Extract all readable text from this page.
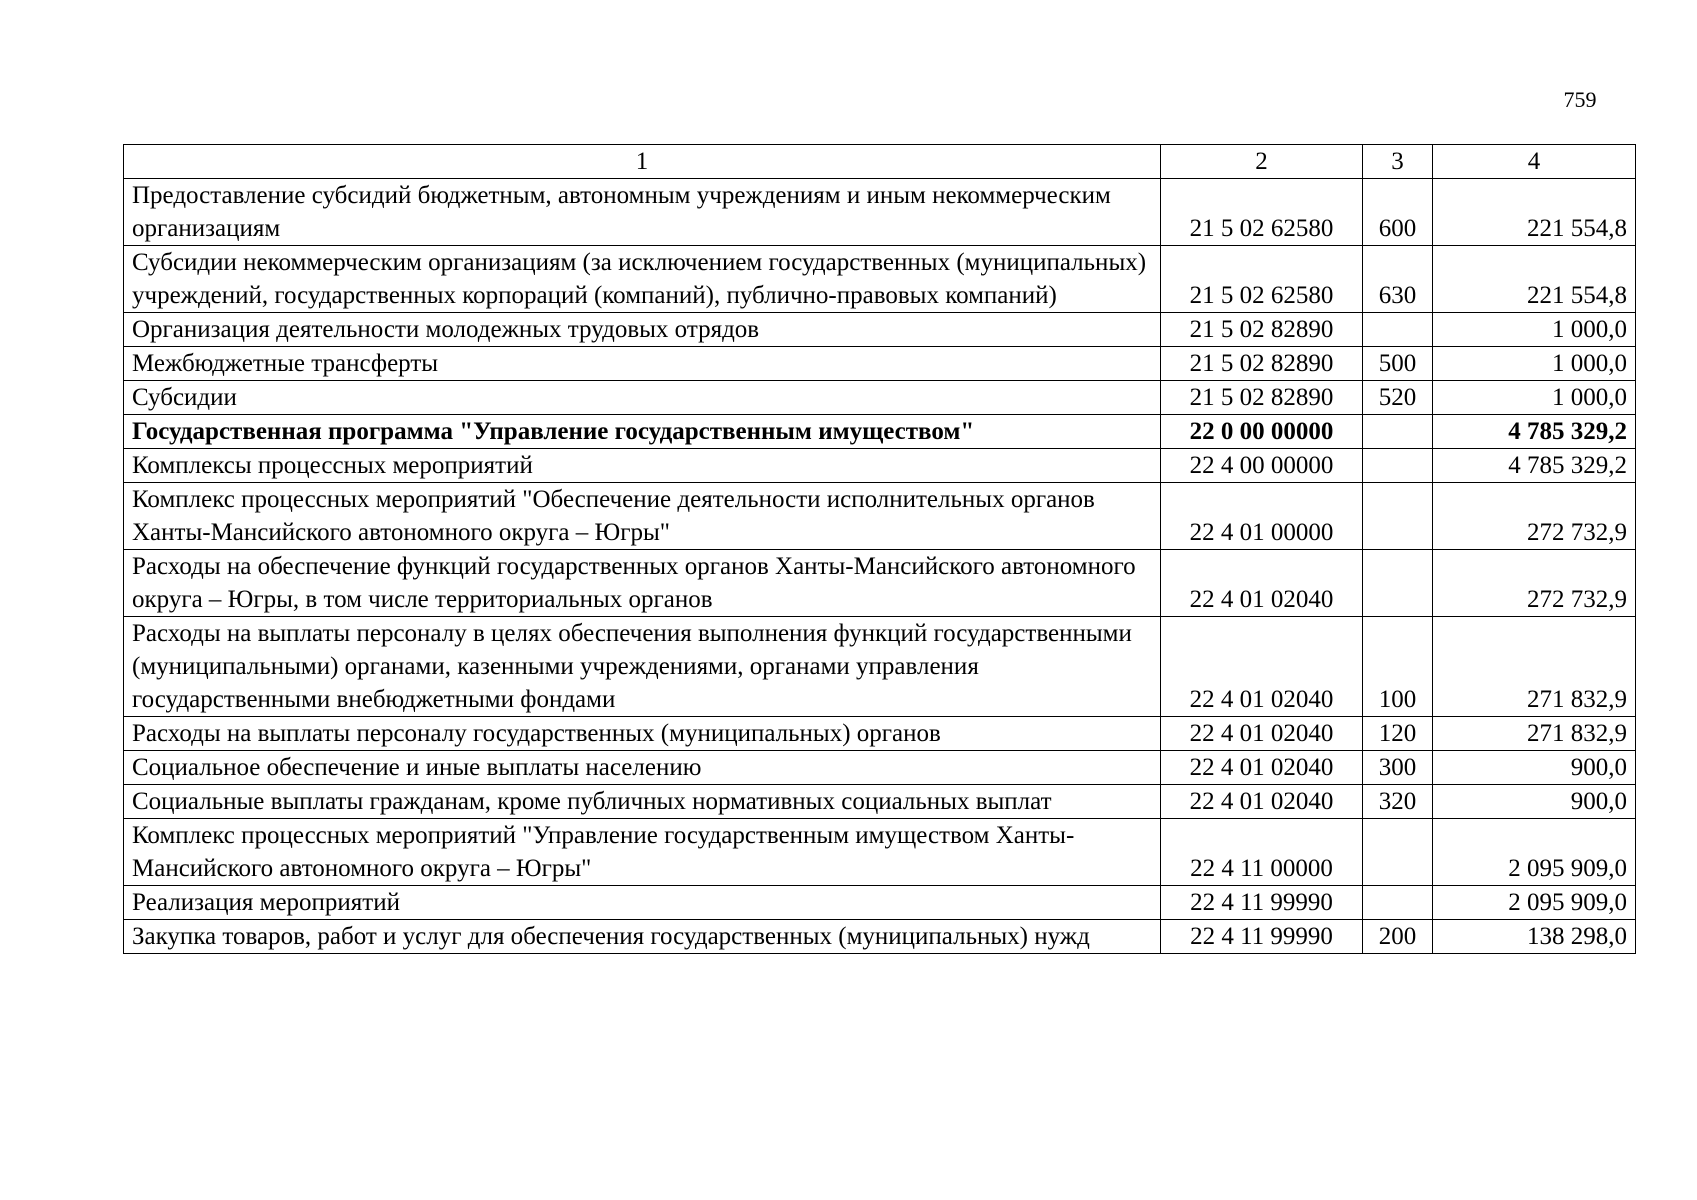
759
1	2	3	4
Предоставление субсидий бюджетным, автономным учреждениям и иным некоммерческим организациям	21 5 02 62580	600	221 554,8
Субсидии некоммерческим организациям (за исключением государственных (муниципальных) учреждений, государственных корпораций (компаний), публично-правовых компаний)	21 5 02 62580	630	221 554,8
Организация деятельности молодежных трудовых отрядов	21 5 02 82890		1 000,0
Межбюджетные трансферты	21 5 02 82890	500	1 000,0
Субсидии	21 5 02 82890	520	1 000,0
Государственная программа "Управление государственным имуществом"	22 0 00 00000		4 785 329,2
Комплексы процессных мероприятий	22 4 00 00000		4 785 329,2
Комплекс процессных мероприятий "Обеспечение деятельности исполнительных органов Ханты-Мансийского автономного округа – Югры"	22 4 01 00000		272 732,9
Расходы на обеспечение функций государственных органов Ханты-Мансийского автономного округа – Югры, в том числе территориальных органов	22 4 01 02040		272 732,9
Расходы на выплаты персоналу в целях обеспечения выполнения функций государственными (муниципальными) органами, казенными учреждениями, органами управления государственными внебюджетными фондами	22 4 01 02040	100	271 832,9
Расходы на выплаты персоналу государственных (муниципальных) органов	22 4 01 02040	120	271 832,9
Социальное обеспечение и иные выплаты населению	22 4 01 02040	300	900,0
Социальные выплаты гражданам, кроме публичных нормативных социальных выплат	22 4 01 02040	320	900,0
Комплекс процессных мероприятий "Управление государственным имуществом Ханты-Мансийского автономного округа – Югры"	22 4 11 00000		2 095 909,0
Реализация мероприятий	22 4 11 99990		2 095 909,0
Закупка товаров, работ и услуг для обеспечения государственных (муниципальных) нужд	22 4 11 99990	200	138 298,0
